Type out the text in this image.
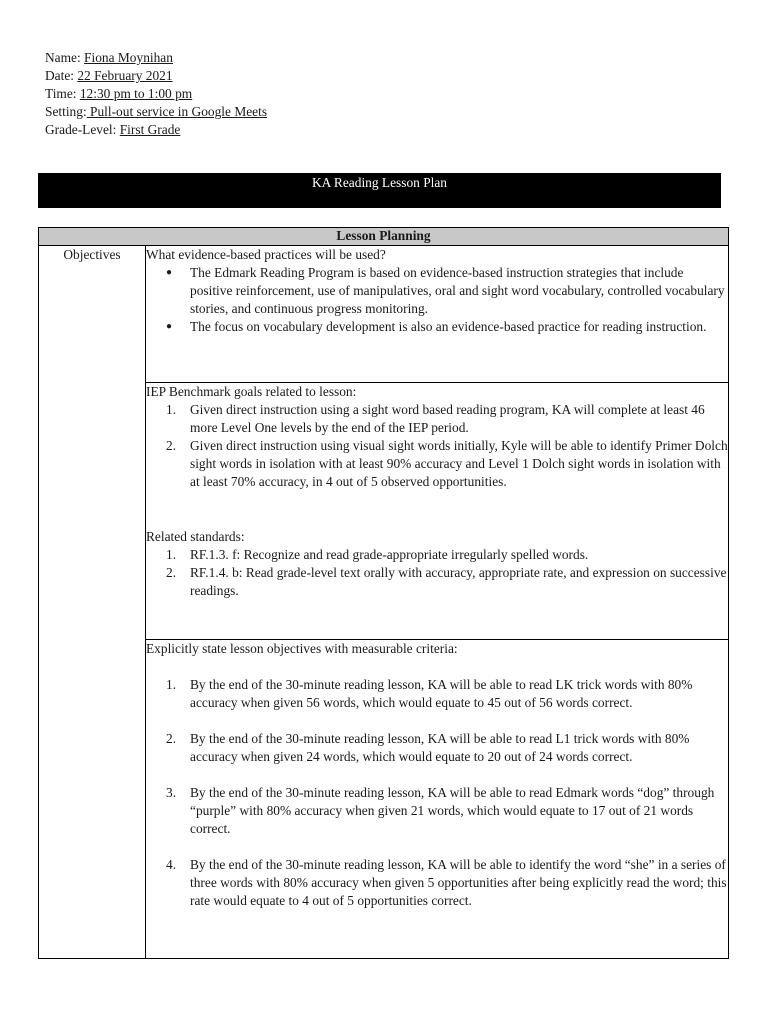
Name: Fiona Moynihan
Date: 22 February 2021
Time: 12:30 pm to 1:00 pm
Setting: Pull-out service in Google Meets
Grade-Level: First Grade
KA Reading Lesson Plan
Lesson Planning
Objectives	What evidence-based practices will be used?
● The Edmark Reading Program is based on evidence-based instruction strategies that include positive reinforcement, use of manipulatives, oral and sight word vocabulary, controlled vocabulary stories, and continuous progress monitoring.
● The focus on vocabulary development is also an evidence-based practice for reading instruction.

IEP Benchmark goals related to lesson:
1. Given direct instruction using a sight word based reading program, KA will complete at least 46 more Level One levels by the end of the IEP period.
2. Given direct instruction using visual sight words initially, Kyle will be able to identify Primer Dolch sight words in isolation with at least 90% accuracy and Level 1 Dolch sight words in isolation with at least 70% accuracy, in 4 out of 5 observed opportunities.
Related standards:
1. RF.1.3. f: Recognize and read grade-appropriate irregularly spelled words.
2. RF.1.4. b: Read grade-level text orally with accuracy, appropriate rate, and expression on successive readings.

Explicitly state lesson objectives with measurable criteria:
1. By the end of the 30-minute reading lesson, KA will be able to read LK trick words with 80% accuracy when given 56 words, which would equate to 45 out of 56 words correct.
2. By the end of the 30-minute reading lesson, KA will be able to read L1 trick words with 80% accuracy when given 24 words, which would equate to 20 out of 24 words correct.
3. By the end of the 30-minute reading lesson, KA will be able to read Edmark words “dog” through “purple” with 80% accuracy when given 21 words, which would equate to 17 out of 21 words correct.
4. By the end of the 30-minute reading lesson, KA will be able to identify the word “she” in a series of three words with 80% accuracy when given 5 opportunities after being explicitly read the word; this rate would equate to 4 out of 5 opportunities correct.
